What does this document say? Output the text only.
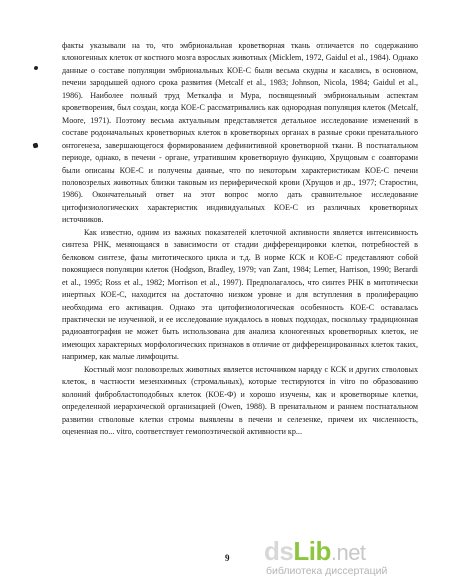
факты указывали на то, что эмбриональная кроветворная ткань отличается по содержанию клоногенных клеток от костного мозга взрослых животных (Micklem, 1972, Gaidul et al., 1984). Однако данные о составе популяции эмбриональных КОЕ-С были весьма скудны и касались, в основном, печени зародышей одного срока развития (Metcalf et al., 1983; Johnson, Nicola, 1984; Gaidul et al., 1986). Наиболее полный труд Меткалфа и Мура, посвященный эмбриональным аспектам кроветворения, был создан, когда КОЕ-С рассматривались как однородная популяция клеток (Metcalf, Moore, 1971). Поэтому весьма актуальным представляется детальное исследование изменений в составе родоначальных кроветворных клеток в кроветворных органах в разные сроки пренатального онтогенеза, завершающегося формированием дефинитивной кроветворной ткани. В постнатальном периоде, однако, в печени - органе, утратившим кроветворную функцию, Хрущовым с соавторами были описаны КОЕ-С и получены данные, что по некоторым характеристикам КОЕ-С печени половозрелых животных близки таковым из периферической крови (Хрущов и др., 1977; Старостин, 1986). Окончательный ответ на этот вопрос могло дать сравнительное исследование цитофизиологических характеристик индивидуальных КОЕ-С из различных кроветворных источников.

Как известно, одним из важных показателей клеточной активности является интенсивность синтеза РНК, меняющаяся в зависимости от стадии дифференцировки клетки, потребностей в белковом синтезе, фазы митотического цикла и т.д. В норме КСК и КОЕ-С представляют собой покоящиеся популяции клеток (Hodgson, Bradley, 1979; van Zant, 1984; Lerner, Harrison, 1990; Berardi et al., 1995; Ross et al., 1982; Morrison et al., 1997). Предполагалось, что синтез РНК в митотически инертных КОЕ-С, находится на достаточно низком уровне и для вступления в пролиферацию необходима его активация. Однако эта цитофизиологическая особенность КОЕ-С оставалась практически не изученной, и ее исследование нуждалось в новых подходах, поскольку традиционная радиоавтография не может быть использована для анализа клоногенных кроветворных клеток, не имеющих характерных морфологических признаков в отличие от дифференцированных клеток таких, например, как малые лимфоциты.

Костный мозг половозрелых животных является источником наряду с КСК и других стволовых клеток, в частности мезенхимных (стромальных), которые тестируются in vitro по образованию колоний фибробластоподобных клеток (КОЕ-Ф) и хорошо изучены, как и кроветворные клетки, определенной иерархической организацией (Owen, 1988). В пренатальном и раннем постнатальном развитии стволовые клетки стромы выявлены в печени и селезенке, причем их численность, оцененная по... vitro, соответствует гемопоэтической активности кр...

9 dsLib.net
библиотека диссертаций
